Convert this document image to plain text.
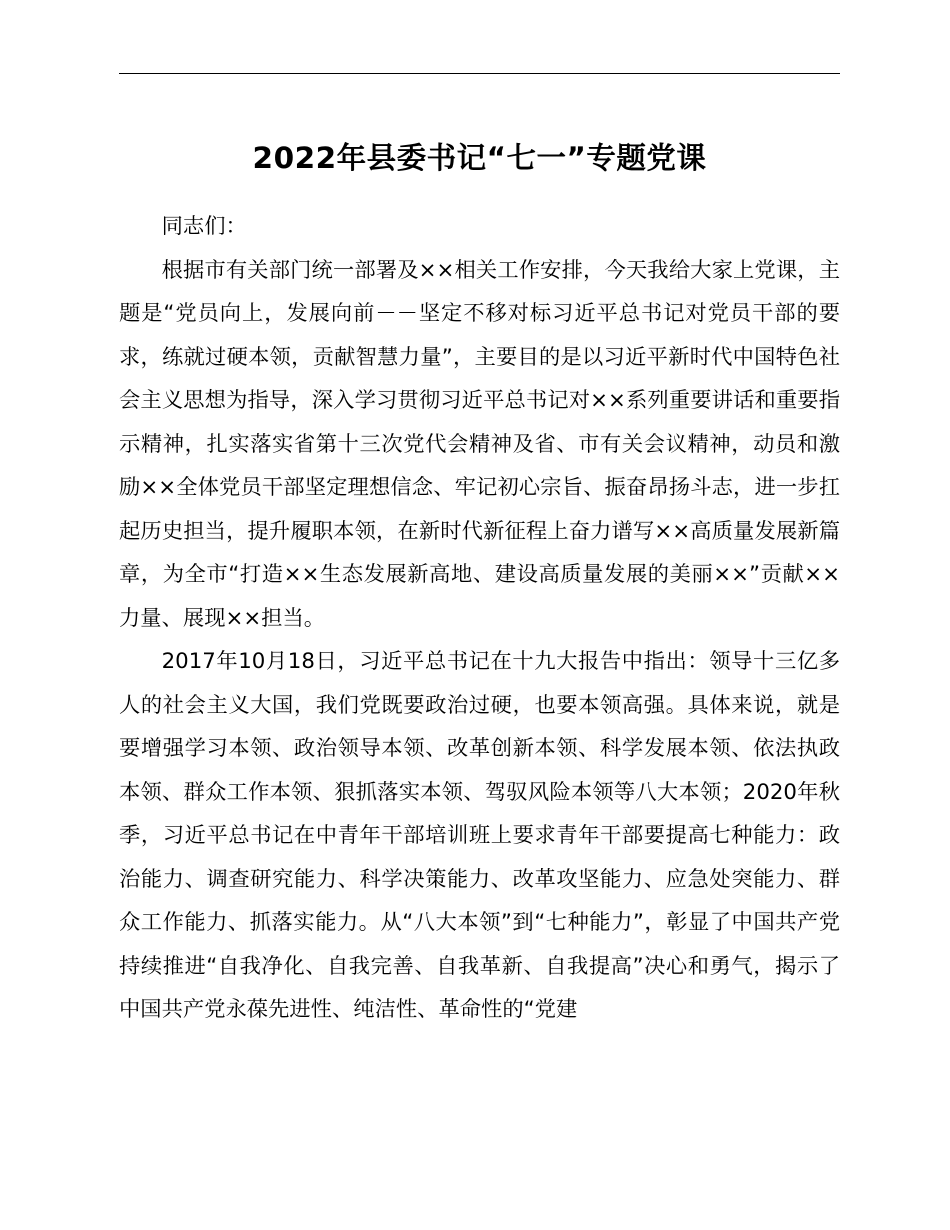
2022年县委书记“七一”专题党课

同志们：

根据市有关部门统一部署及××相关工作安排，今天我给大家上党课，主题是“党员向上，发展向前－－坚定不移对标习近平总书记对党员干部的要求，练就过硬本领，贡献智慧力量”，主要目的是以习近平新时代中国特色社会主义思想为指导，深入学习贯彻习近平总书记对××系列重要讲话和重要指示精神，扎实落实省第十三次党代会精神及省、市有关会议精神，动员和激励××全体党员干部坚定理想信念、牢记初心宗旨、振奋昂扬斗志，进一步扛起历史担当，提升履职本领，在新时代新征程上奋力谱写××高质量发展新篇章，为全市“打造××生态发展新高地、建设高质量发展的美丽××”贡献××力量、展现××担当。

2017年10月18日，习近平总书记在十九大报告中指出：领导十三亿多人的社会主义大国，我们党既要政治过硬，也要本领高强。具体来说，就是要增强学习本领、政治领导本领、改革创新本领、科学发展本领、依法执政本领、群众工作本领、狠抓落实本领、驾驭风险本领等八大本领；2020年秋季，习近平总书记在中青年干部培训班上要求青年干部要提高七种能力：政治能力、调查研究能力、科学决策能力、改革攻坚能力、应急处突能力、群众工作能力、抓落实能力。从“八大本领”到“七种能力”，彰显了中国共产党持续推进“自我净化、自我完善、自我革新、自我提高”决心和勇气，揭示了中国共产党永葆先进性、纯洁性、革命性的“党建
